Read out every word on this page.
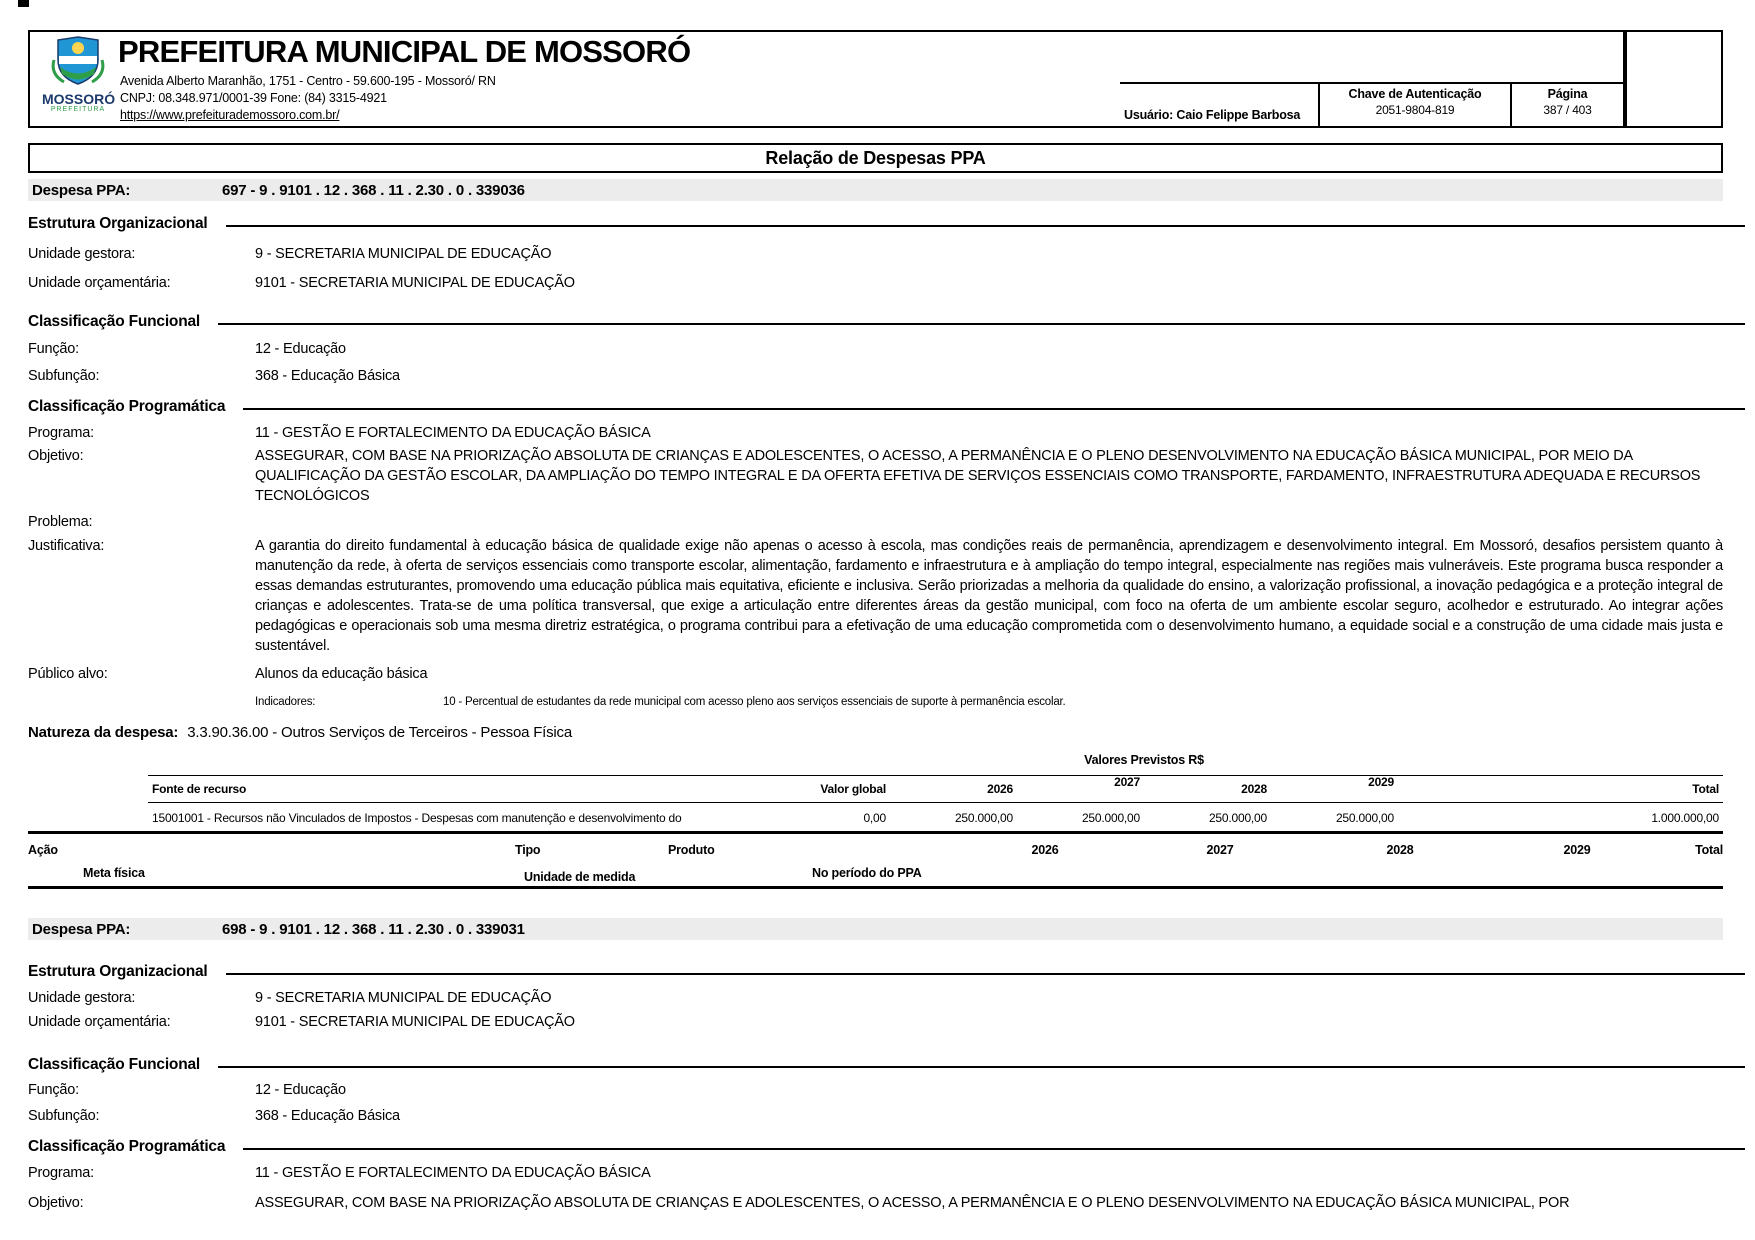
MOSSORÓ
PREFEITURA
PREFEITURA MUNICIPAL DE MOSSORÓ
Avenida Alberto Maranhão, 1751 - Centro - 59.600-195 - Mossoró/ RN
CNPJ: 08.348.971/0001-39 Fone: (84) 3315-4921
https://www.prefeiturademossoro.com.br/	Usuário: Caio Felippe Barbosa
Chave de Autenticação
2051-9804-819
Página
387 / 403
Relação de Despesas PPA
Despesa PPA:	697 - 9 . 9101 . 12 . 368 . 11 . 2.30 . 0 . 339036
Estrutura Organizacional
Unidade gestora:	9 - SECRETARIA MUNICIPAL DE EDUCAÇÃO
Unidade orçamentária:	9101 - SECRETARIA MUNICIPAL DE EDUCAÇÃO
Classificação Funcional
Função:	12 - Educação
Subfunção:	368 - Educação Básica
Classificação Programática
Programa:	11 - GESTÃO E FORTALECIMENTO DA EDUCAÇÃO BÁSICA
Objetivo:	ASSEGURAR, COM BASE NA PRIORIZAÇÃO ABSOLUTA DE CRIANÇAS E ADOLESCENTES, O ACESSO, A PERMANÊNCIA E O PLENO DESENVOLVIMENTO NA EDUCAÇÃO BÁSICA MUNICIPAL, POR MEIO DA QUALIFICAÇÃO DA GESTÃO ESCOLAR, DA AMPLIAÇÃO DO TEMPO INTEGRAL E DA OFERTA EFETIVA DE SERVIÇOS ESSENCIAIS COMO TRANSPORTE, FARDAMENTO, INFRAESTRUTURA ADEQUADA E RECURSOS TECNOLÓGICOS
Problema:
Justificativa:	A garantia do direito fundamental à educação básica de qualidade exige não apenas o acesso à escola, mas condições reais de permanência, aprendizagem e desenvolvimento integral. Em Mossoró, desafios persistem quanto à manutenção da rede, à oferta de serviços essenciais como transporte escolar, alimentação, fardamento e infraestrutura e à ampliação do tempo integral, especialmente nas regiões mais vulneráveis. Este programa busca responder a essas demandas estruturantes, promovendo uma educação pública mais equitativa, eficiente e inclusiva. Serão priorizadas a melhoria da qualidade do ensino, a valorização profissional, a inovação pedagógica e a proteção integral de crianças e adolescentes. Trata-se de uma política transversal, que exige a articulação entre diferentes áreas da gestão municipal, com foco na oferta de um ambiente escolar seguro, acolhedor e estruturado. Ao integrar ações pedagógicas e operacionais sob uma mesma diretriz estratégica, o programa contribui para a efetivação de uma educação comprometida com o desenvolvimento humano, a equidade social e a construção de uma cidade mais justa e sustentável.
Público alvo:	Alunos da educação básica
Indicadores:	10 - Percentual de estudantes da rede municipal com acesso pleno aos serviços essenciais de suporte à permanência escolar.
Natureza da despesa: 3.3.90.36.00 - Outros Serviços de Terceiros - Pessoa Física
Valores Previstos R$
Fonte de recurso	Valor global	2026	2027	2028	2029	Total
15001001 - Recursos não Vinculados de Impostos - Despesas com manutenção e desenvolvimento do	0,00	250.000,00	250.000,00	250.000,00	250.000,00	1.000.000,00
Ação	Tipo	Produto	2026	2027	2028	2029	Total
Meta física	Unidade de medida	No período do PPA
Despesa PPA:	698 - 9 . 9101 . 12 . 368 . 11 . 2.30 . 0 . 339031
Estrutura Organizacional
Unidade gestora:	9 - SECRETARIA MUNICIPAL DE EDUCAÇÃO
Unidade orçamentária:	9101 - SECRETARIA MUNICIPAL DE EDUCAÇÃO
Classificação Funcional
Função:	12 - Educação
Subfunção:	368 - Educação Básica
Classificação Programática
Programa:	11 - GESTÃO E FORTALECIMENTO DA EDUCAÇÃO BÁSICA
Objetivo:	ASSEGURAR, COM BASE NA PRIORIZAÇÃO ABSOLUTA DE CRIANÇAS E ADOLESCENTES, O ACESSO, A PERMANÊNCIA E O PLENO DESENVOLVIMENTO NA EDUCAÇÃO BÁSICA MUNICIPAL, POR
